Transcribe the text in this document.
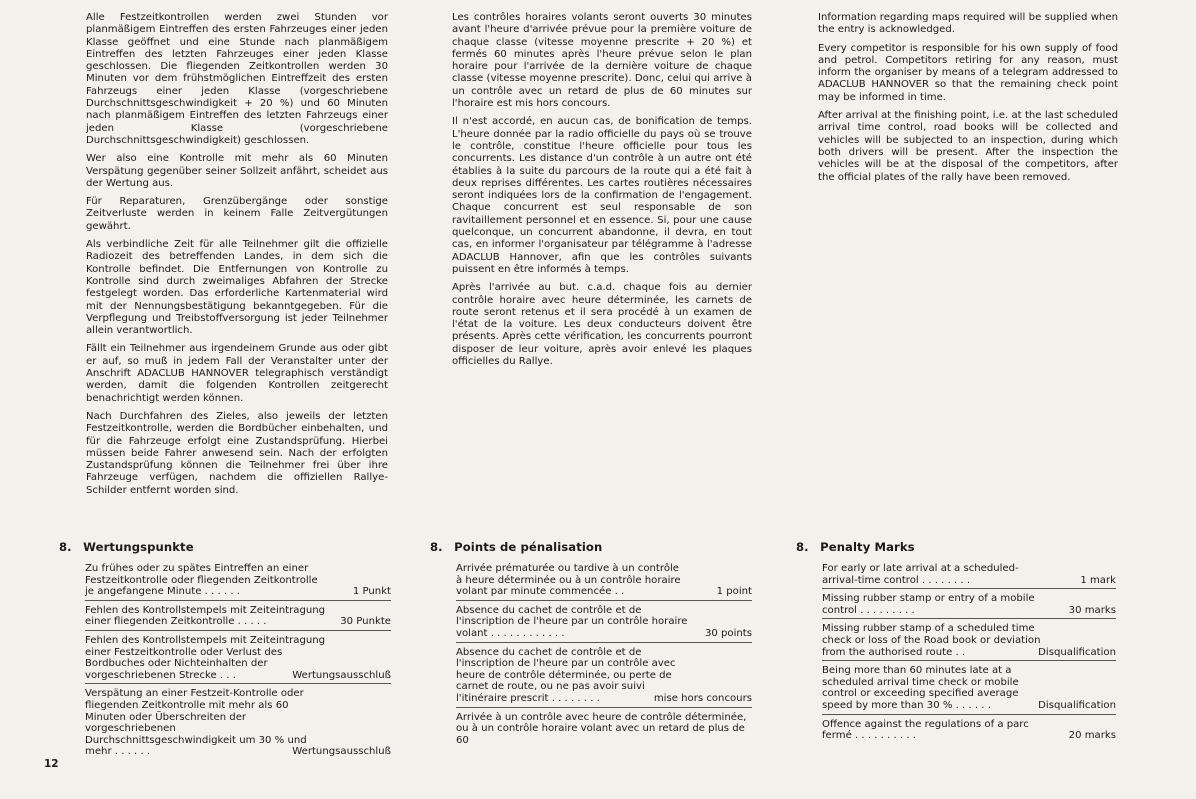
Alle Festzeitkontrollen werden zwei Stunden vor planmäßigem Eintreffen des ersten Fahrzeuges einer jeden Klasse geöffnet und eine Stunde nach planmäßigem Eintreffen des letzten Fahrzeuges einer jeden Klasse geschlossen. Die fliegenden Zeitkontrollen werden 30 Minuten vor dem frühstmöglichen Eintreffzeit des ersten Fahrzeugs einer jeden Klasse (vorgeschriebene Durchschnittsgeschwindigkeit + 20 %) und 60 Minuten nach planmäßigem Eintreffen des letzten Fahrzeugs einer jeden Klasse (vorgeschriebene Durchschnittsgeschwindigkeit) geschlossen.

Wer also eine Kontrolle mit mehr als 60 Minuten Verspätung gegenüber seiner Sollzeit anfährt, scheidet aus der Wertung aus.

Für Reparaturen, Grenzübergänge oder sonstige Zeitverluste werden in keinem Falle Zeitvergütungen gewährt.

Als verbindliche Zeit für alle Teilnehmer gilt die offizielle Radiozeit des betreffenden Landes, in dem sich die Kontrolle befindet. Die Entfernungen von Kontrolle zu Kontrolle sind durch zweimaliges Abfahren der Strecke festgelegt worden. Das erforderliche Kartenmaterial wird mit der Nennungsbestätigung bekanntgegeben. Für die Verpflegung und Treibstoffversorgung ist jeder Teilnehmer allein verantwortlich.

Fällt ein Teilnehmer aus irgendeinem Grunde aus oder gibt er auf, so muß in jedem Fall der Veranstalter unter der Anschrift ADACLUB HANNOVER telegraphisch verständigt werden, damit die folgenden Kontrollen zeitgerecht benachrichtigt werden können.

Nach Durchfahren des Zieles, also jeweils der letzten Festzeitkontrolle, werden die Bordbücher einbehalten, und für die Fahrzeuge erfolgt eine Zustandsprüfung. Hierbei müssen beide Fahrer anwesend sein. Nach der erfolgten Zustandsprüfung können die Teilnehmer frei über ihre Fahrzeuge verfügen, nachdem die offiziellen Rallye-Schilder entfernt worden sind.

Les contrôles horaires volants seront ouverts 30 minutes avant l'heure d'arrivée prévue pour la première voiture de chaque classe (vitesse moyenne prescrite + 20 %) et fermés 60 minutes après l'heure prévue selon le plan horaire pour l'arrivée de la dernière voiture de chaque classe (vitesse moyenne prescrite). Donc, celui qui arrive à un contrôle avec un retard de plus de 60 minutes sur l'horaire est mis hors concours.

Il n'est accordé, en aucun cas, de bonification de temps. L'heure donnée par la radio officielle du pays où se trouve le contrôle, constitue l'heure officielle pour tous les concurrents. Les distance d'un contrôle à un autre ont été établies à la suite du parcours de la route qui a été fait à deux reprises différentes. Les cartes routières nécessaires seront indiquées lors de la confirmation de l'engagement. Chaque concurrent est seul responsable de son ravitaillement personnel et en essence. Si, pour une cause quelconque, un concurrent abandonne, il devra, en tout cas, en informer l'organisateur par télégramme à l'adresse ADACLUB Hannover, afin que les contrôles suivants puissent en être informés à temps.

Après l'arrivée au but. c.a.d. chaque fois au dernier contrôle horaire avec heure déterminée, les carnets de route seront retenus et il sera procédé à un examen de l'état de la voiture. Les deux conducteurs doivent être présents. Après cette vérification, les concurrents pourront disposer de leur voiture, après avoir enlevé les plaques officielles du Rallye.

Information regarding maps required will be supplied when the entry is acknowledged.

Every competitor is responsible for his own supply of food and petrol. Competitors retiring for any reason, must inform the organiser by means of a telegram addressed to ADACLUB HANNOVER so that the remaining check point may be informed in time.

After arrival at the finishing point, i.e. at the last scheduled arrival time control, road books will be collected and vehicles will be subjected to an inspection, during which both drivers will be present. After the inspection the vehicles will be at the disposal of the competitors, after the official plates of the rally have been removed.

8. Wertungspunkte
Zu frühes oder zu spätes Eintreffen an einer Festzeitkontrolle oder fliegenden Zeitkontrolle je angefangene Minute . . . . . .	1 Punkt
Fehlen des Kontrollstempels mit Zeiteintragung einer fliegenden Zeitkontrolle . . . . .	30 Punkte
Fehlen des Kontrollstempels mit Zeiteintragung einer Festzeitkontrolle oder Verlust des Bordbuches oder Nichteinhalten der vorgeschriebenen Strecke . . .	Wertungsausschluß
Verspätung an einer Festzeit-Kontrolle oder fliegenden Zeitkontrolle mit mehr als 60 Minuten oder Überschreiten der vorgeschriebenen Durchschnittsgeschwindigkeit um 30 % und mehr . . . . . .	Wertungsausschluß
8. Points de pénalisation
Arrivée prématurée ou tardive à un contrôle à heure déterminée ou à un contrôle horaire volant par minute commencée . .	1 point
Absence du cachet de contrôle et de l'inscription de l'heure par un contrôle horaire volant . . . . . . . . . . . .	30 points
Absence du cachet de contrôle et de l'inscription de l'heure par un contrôle avec heure de contrôle déterminée, ou perte de carnet de route, ou ne pas avoir suivi l'itinéraire prescrit . . . . . . . .	mise hors concours
Arrivée à un contrôle avec heure de contrôle déterminée, ou à un contrôle horaire volant avec un retard de plus de 60
8. Penalty Marks
For early or late arrival at a scheduled-arrival-time control . . . . . . . .	1 mark
Missing rubber stamp or entry of a mobile control . . . . . . . . .	30 marks
Missing rubber stamp of a scheduled time check or loss of the Road book or deviation from the authorised route . .	Disqualification
Being more than 60 minutes late at a scheduled arrival time check or mobile control or exceeding specified average speed by more than 30 % . . . . . .	Disqualification
Offence against the regulations of a parc fermé . . . . . . . . . .	20 marks
12
